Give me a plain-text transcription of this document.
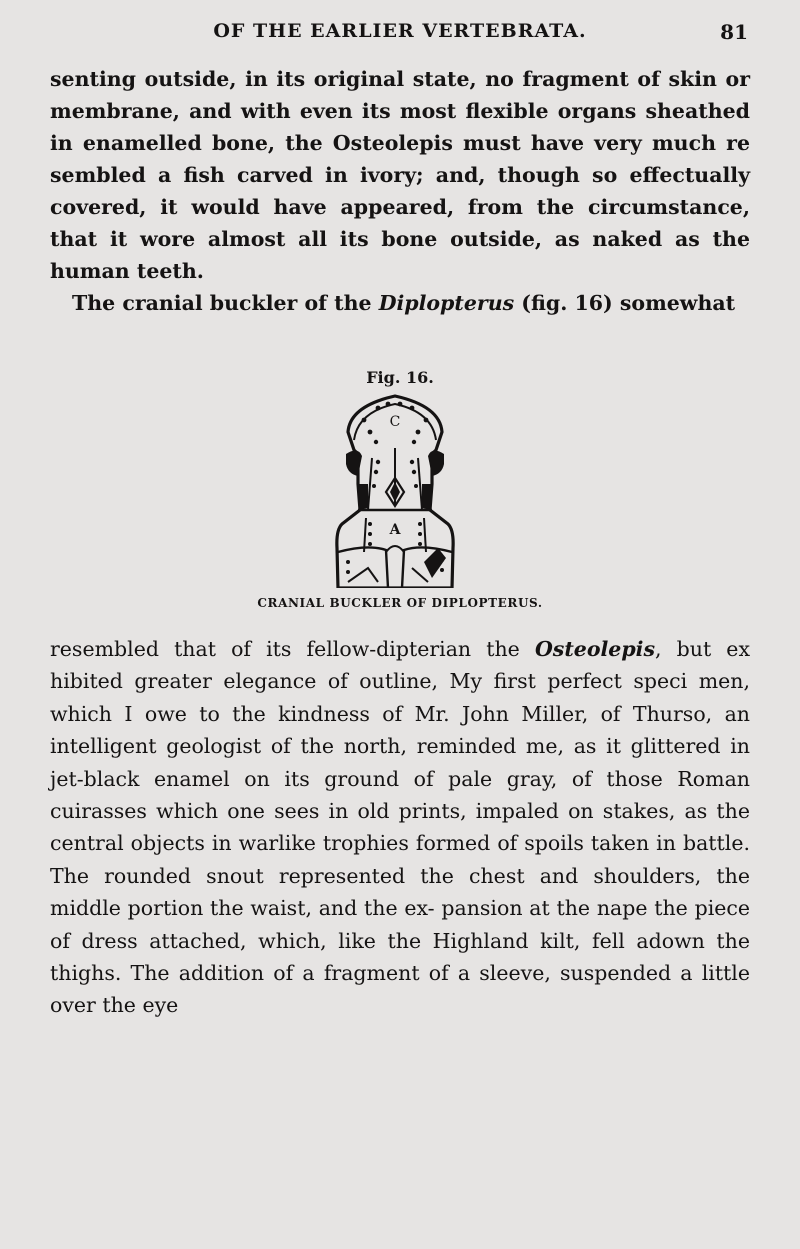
OF THE EARLIER VERTEBRATA.	81

senting outside, in its original state, no fragment of skin or membrane, and with even its most flexible organs sheathed in enamelled bone, the Osteolepis must have very much re sembled a fish carved in ivory; and, though so effectually covered, it would have appeared, from the circumstance, that it wore almost all its bone outside, as naked as the human teeth.

The cranial buckler of the Diplopterus (fig. 16) somewhat

Fig. 16.
C
A
CRANIAL BUCKLER OF DIPLOPTERUS.

resembled that of its fellow-dipterian the Osteolepis, but ex hibited greater elegance of outline, My first perfect speci men, which I owe to the kindness of Mr. John Miller, of Thurso, an intelligent geologist of the north, reminded me, as it glittered in jet-black enamel on its ground of pale gray, of those Roman cuirasses which one sees in old prints, impaled on stakes, as the central objects in warlike trophies formed of spoils taken in battle. The rounded snout represented the chest and shoulders, the middle portion the waist, and the ex- pansion at the nape the piece of dress attached, which, like the Highland kilt, fell adown the thighs. The addition of a fragment of a sleeve, suspended a little over the eye
